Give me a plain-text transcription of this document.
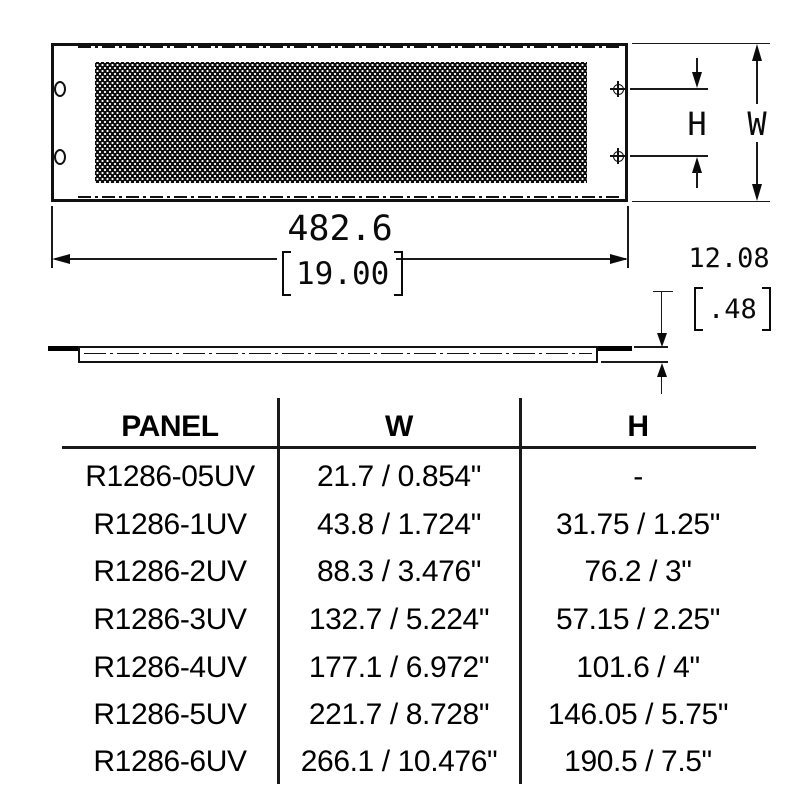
W
H
482.6
19.00	12.08
.48
PANEL	W	H
R1286-05UV	21.7 / 0.854"	-
R1286-1UV	43.8 / 1.724"	31.75 / 1.25"
R1286-2UV	88.3 / 3.476"	76.2 / 3"
R1286-3UV	132.7 / 5.224"	57.15 / 2.25"
R1286-4UV	177.1 / 6.972"	101.6 / 4"
R1286-5UV	221.7 / 8.728"	146.05 / 5.75"
R1286-6UV	266.1 / 10.476"	190.5 / 7.5"
